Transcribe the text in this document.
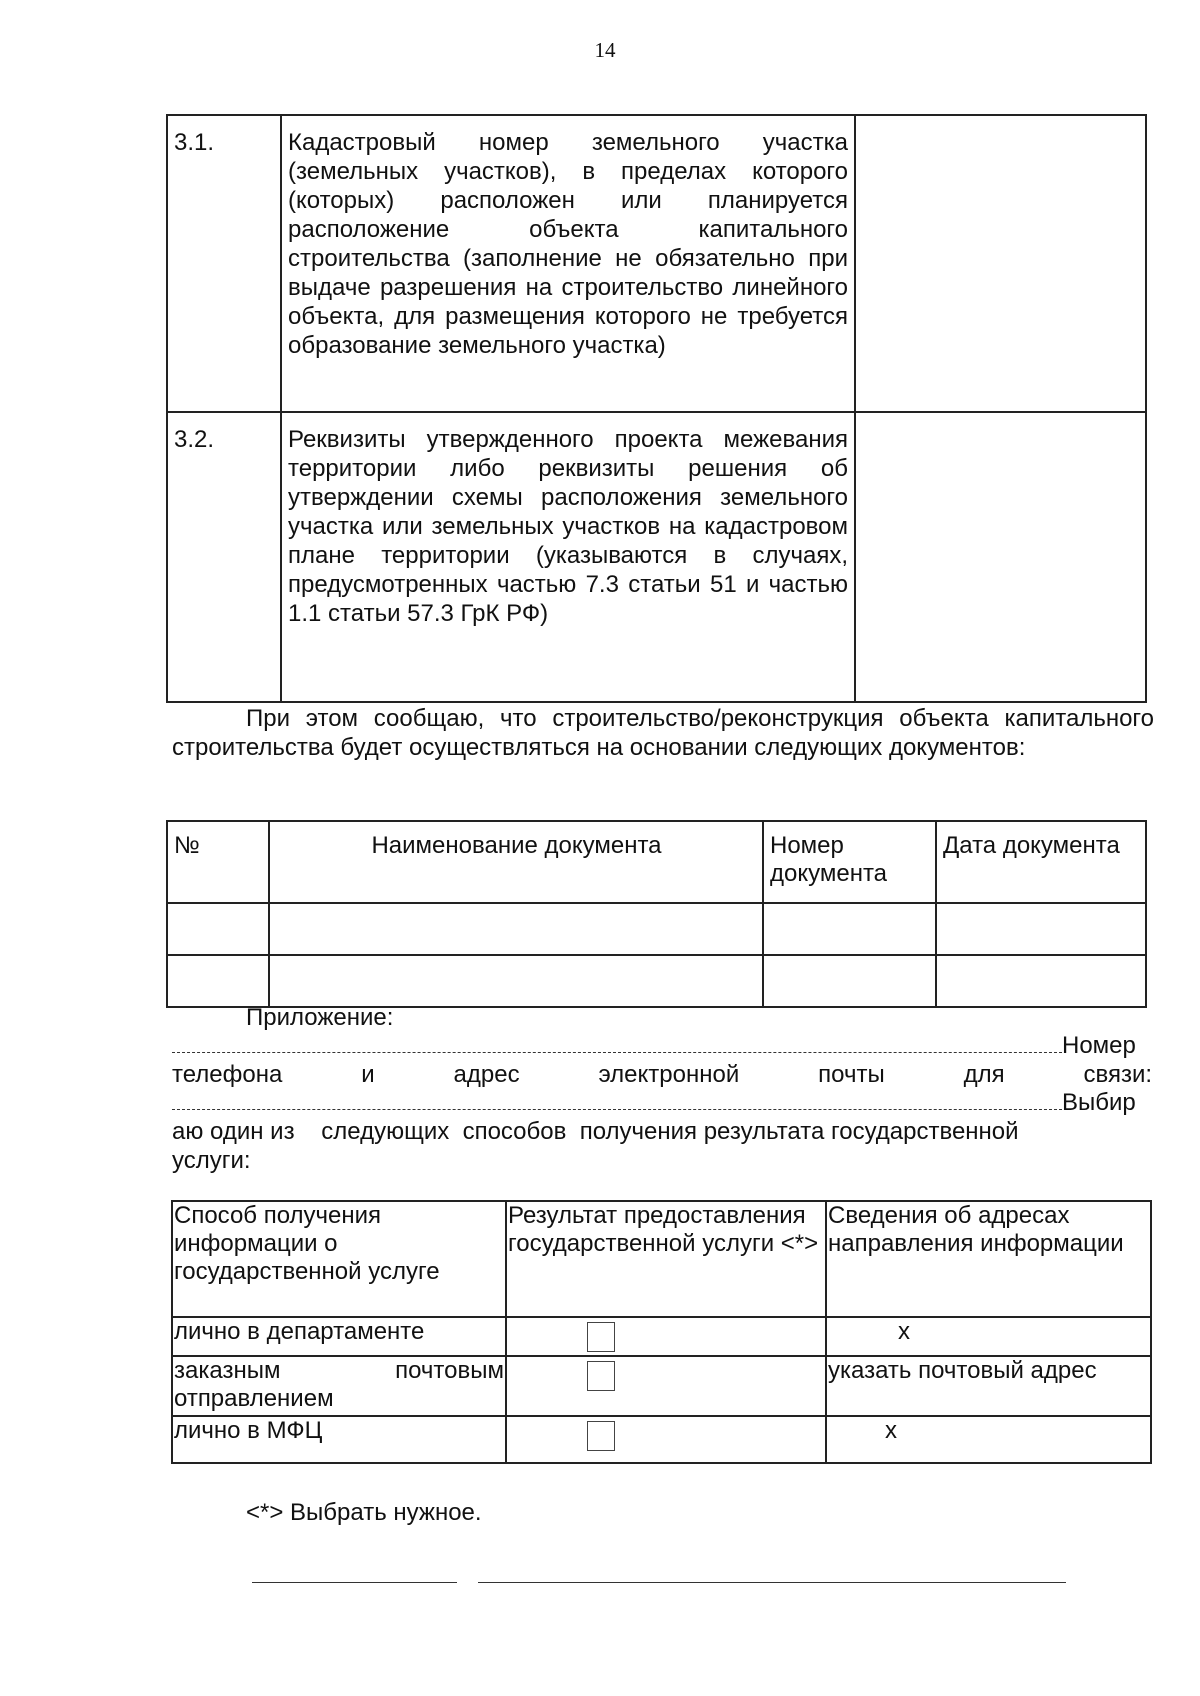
14
3.1.	Кадастровый номер земельного участка (земельных участков), в пределах которого (которых) расположен или планируется расположение объекта капитального строительства (заполнение не обязательно при выдаче разрешения на строительство линейного объекта, для размещения которого не требуется образование земельного участка)	
3.2.	Реквизиты утвержденного проекта межевания территории либо реквизиты решения об утверждении схемы расположения земельного участка или земельных участков на кадастровом плане территории (указываются в случаях, предусмотренных частью 7.3 статьи 51 и частью 1.1 статьи 57.3 ГрК РФ)	
При этом сообщаю, что строительство/реконструкция объекта капитального строительства будет осуществляться на основании следующих документов:
№	Наименование документа	Номер документа	Дата документа

Приложение:
Номер
телефона	и	адрес	электронной	почты	для	связи:
Выбир
аю один из    следующих  способов  получения результата государственной
услуги:
Способ получения информации о государственной услуге	Результат предоставления государственной услуги <*>	Сведения об адресах направления информации
лично в департаменте		х

заказным почтовым отправлением		указать почтовый адрес
лично в МФЦ		х
<*> Выбрать нужное.
